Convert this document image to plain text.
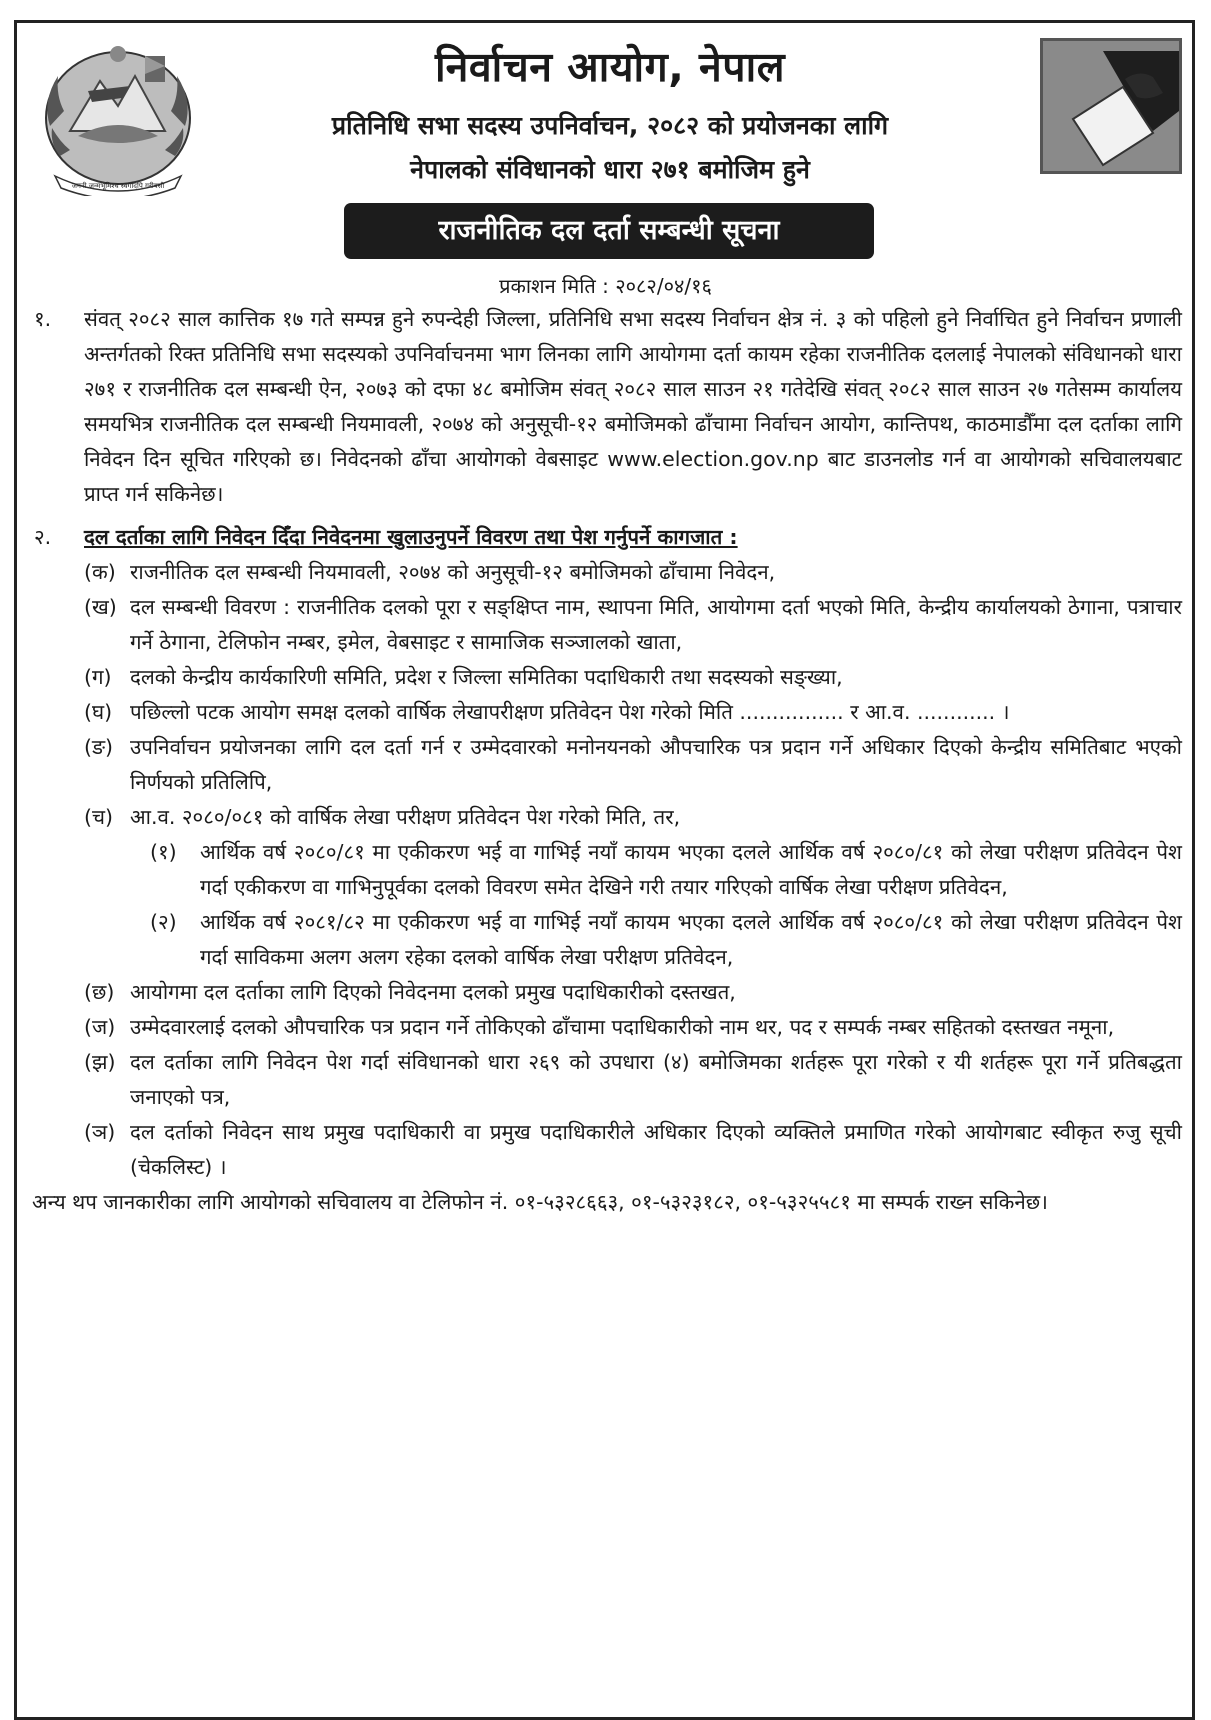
जननी जन्मभूमिश्च स्वर्गादपि गरीयसी
निर्वाचन आयोग, नेपाल
प्रतिनिधि सभा सदस्य उपनिर्वाचन, २०८२ को प्रयोजनका लागि
नेपालको संविधानको धारा २७१ बमोजिम हुने
राजनीतिक दल दर्ता सम्बन्धी सूचना
प्रकाशन मिति : २०८२/०४/१६
१. संवत् २०८२ साल कात्तिक १७ गते सम्पन्न हुने रुपन्देही जिल्ला, प्रतिनिधि सभा सदस्य निर्वाचन क्षेत्र नं. ३ को पहिलो हुने निर्वाचित हुने निर्वाचन प्रणाली अन्तर्गतको रिक्त प्रतिनिधि सभा सदस्यको उपनिर्वाचनमा भाग लिनका लागि आयोगमा दर्ता कायम रहेका राजनीतिक दललाई नेपालको संविधानको धारा २७१ र राजनीतिक दल सम्बन्धी ऐन, २०७३ को दफा ४८ बमोजिम संवत् २०८२ साल साउन २१ गतेदेखि संवत् २०८२ साल साउन २७ गतेसम्म कार्यालय समयभित्र राजनीतिक दल सम्बन्धी नियमावली, २०७४ को अनुसूची-१२ बमोजिमको ढाँचामा निर्वाचन आयोग, कान्तिपथ, काठमाडौँमा दल दर्ताका लागि निवेदन दिन सूचित गरिएको छ। निवेदनको ढाँचा आयोगको वेबसाइट www.election.gov.np बाट डाउनलोड गर्न वा आयोगको सचिवालयबाट प्राप्त गर्न सकिनेछ।
२. दल दर्ताका लागि निवेदन दिँदा निवेदनमा खुलाउनुपर्ने विवरण तथा पेश गर्नुपर्ने कागजात :
(क) राजनीतिक दल सम्बन्धी नियमावली, २०७४ को अनुसूची-१२ बमोजिमको ढाँचामा निवेदन,
(ख) दल सम्बन्धी विवरण : राजनीतिक दलको पूरा र सङ्क्षिप्त नाम, स्थापना मिति, आयोगमा दर्ता भएको मिति, केन्द्रीय कार्यालयको ठेगाना, पत्राचार गर्ने ठेगाना, टेलिफोन नम्बर, इमेल, वेबसाइट र सामाजिक सञ्जालको खाता,
(ग) दलको केन्द्रीय कार्यकारिणी समिति, प्रदेश र जिल्ला समितिका पदाधिकारी तथा सदस्यको सङ्ख्या,
(घ) पछिल्लो पटक आयोग समक्ष दलको वार्षिक लेखापरीक्षण प्रतिवेदन पेश गरेको मिति ................ र आ.व. ............ ।
(ङ) उपनिर्वाचन प्रयोजनका लागि दल दर्ता गर्न र उम्मेदवारको मनोनयनको औपचारिक पत्र प्रदान गर्ने अधिकार दिएको केन्द्रीय समितिबाट भएको निर्णयको प्रतिलिपि,
(च) आ.व. २०८०/०८१ को वार्षिक लेखा परीक्षण प्रतिवेदन पेश गरेको मिति, तर,
(१) आर्थिक वर्ष २०८०/८१ मा एकीकरण भई वा गाभिई नयाँ कायम भएका दलले आर्थिक वर्ष २०८०/८१ को लेखा परीक्षण प्रतिवेदन पेश गर्दा एकीकरण वा गाभिनुपूर्वका दलको विवरण समेत देखिने गरी तयार गरिएको वार्षिक लेखा परीक्षण प्रतिवेदन,
(२) आर्थिक वर्ष २०८१/८२ मा एकीकरण भई वा गाभिई नयाँ कायम भएका दलले आर्थिक वर्ष २०८०/८१ को लेखा परीक्षण प्रतिवेदन पेश गर्दा साविकमा अलग अलग रहेका दलको वार्षिक लेखा परीक्षण प्रतिवेदन,
(छ) आयोगमा दल दर्ताका लागि दिएको निवेदनमा दलको प्रमुख पदाधिकारीको दस्तखत,
(ज) उम्मेदवारलाई दलको औपचारिक पत्र प्रदान गर्ने तोकिएको ढाँचामा पदाधिकारीको नाम थर, पद र सम्पर्क नम्बर सहितको दस्तखत नमूना,
(झ) दल दर्ताका लागि निवेदन पेश गर्दा संविधानको धारा २६९ को उपधारा (४) बमोजिमका शर्तहरू पूरा गरेको र यी शर्तहरू पूरा गर्ने प्रतिबद्धता जनाएको पत्र,
(ञ) दल दर्ताको निवेदन साथ प्रमुख पदाधिकारी वा प्रमुख पदाधिकारीले अधिकार दिएको व्यक्तिले प्रमाणित गरेको आयोगबाट स्वीकृत रुजु सूची (चेकलिस्ट) ।
अन्य थप जानकारीका लागि आयोगको सचिवालय वा टेलिफोन नं. ०१-५३२८६६३, ०१-५३२३१८२, ०१-५३२५५८१ मा सम्पर्क राख्न सकिनेछ।
